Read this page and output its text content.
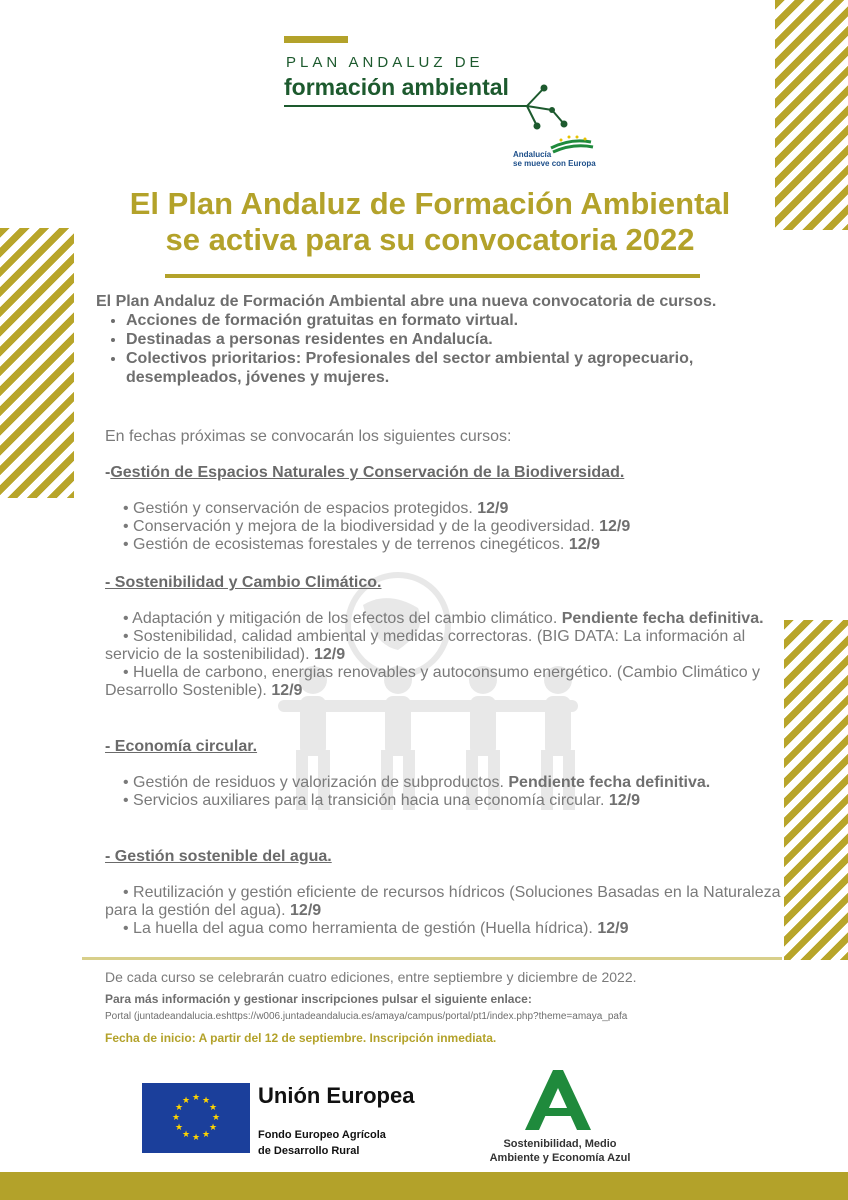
PLAN ANDALUZ DE
formación ambiental
Andalucía
se mueve con Europa
El Plan Andaluz de Formación Ambiental
se activa para su convocatoria 2022
El Plan Andaluz de Formación Ambiental abre una nueva convocatoria de cursos.
• Acciones de formación gratuitas en formato virtual.
• Destinadas a personas residentes en Andalucía.
• Colectivos prioritarios: Profesionales del sector ambiental y agropecuario, desempleados, jóvenes y mujeres.
En fechas próximas se convocarán los siguientes cursos:
-Gestión de Espacios Naturales y Conservación de la Biodiversidad.
• Gestión y conservación de espacios protegidos. 12/9
• Conservación y mejora de la biodiversidad y de la geodiversidad. 12/9
• Gestión de ecosistemas forestales y de terrenos cinegéticos. 12/9
- Sostenibilidad y Cambio Climático.
• Adaptación y mitigación de los efectos del cambio climático. Pendiente fecha definitiva.
• Sostenibilidad, calidad ambiental y medidas correctoras. (BIG DATA: La información al servicio de la sostenibilidad). 12/9
• Huella de carbono, energias renovables y autoconsumo energético. (Cambio Climático y Desarrollo Sostenible). 12/9
- Economía circular.
• Gestión de residuos y valorización de subproductos. Pendiente fecha definitiva.
• Servicios auxiliares para la transición hacia una economía circular. 12/9
- Gestión sostenible del agua.
• Reutilización y gestión eficiente de recursos hídricos (Soluciones Basadas en la Naturaleza para la gestión del agua). 12/9
• La huella del agua como herramienta de gestión (Huella hídrica). 12/9
De cada curso se celebrarán cuatro ediciones, entre septiembre y diciembre de 2022.
Para más información y gestionar inscripciones pulsar el siguiente enlace:
Portal (juntadeandalucia.eshttps://w006.juntadeandalucia.es/amaya/campus/portal/pt1/index.php?theme=amaya_pafa
Fecha de inicio: A partir del 12 de septiembre. Inscripción inmediata.
★ ★
★
★
★
★
★
★
★
★
★
★	Unión Europea
Fondo Europeo Agrícola
de Desarrollo Rural
Sostenibilidad, Medio
Ambiente y Economía Azul
